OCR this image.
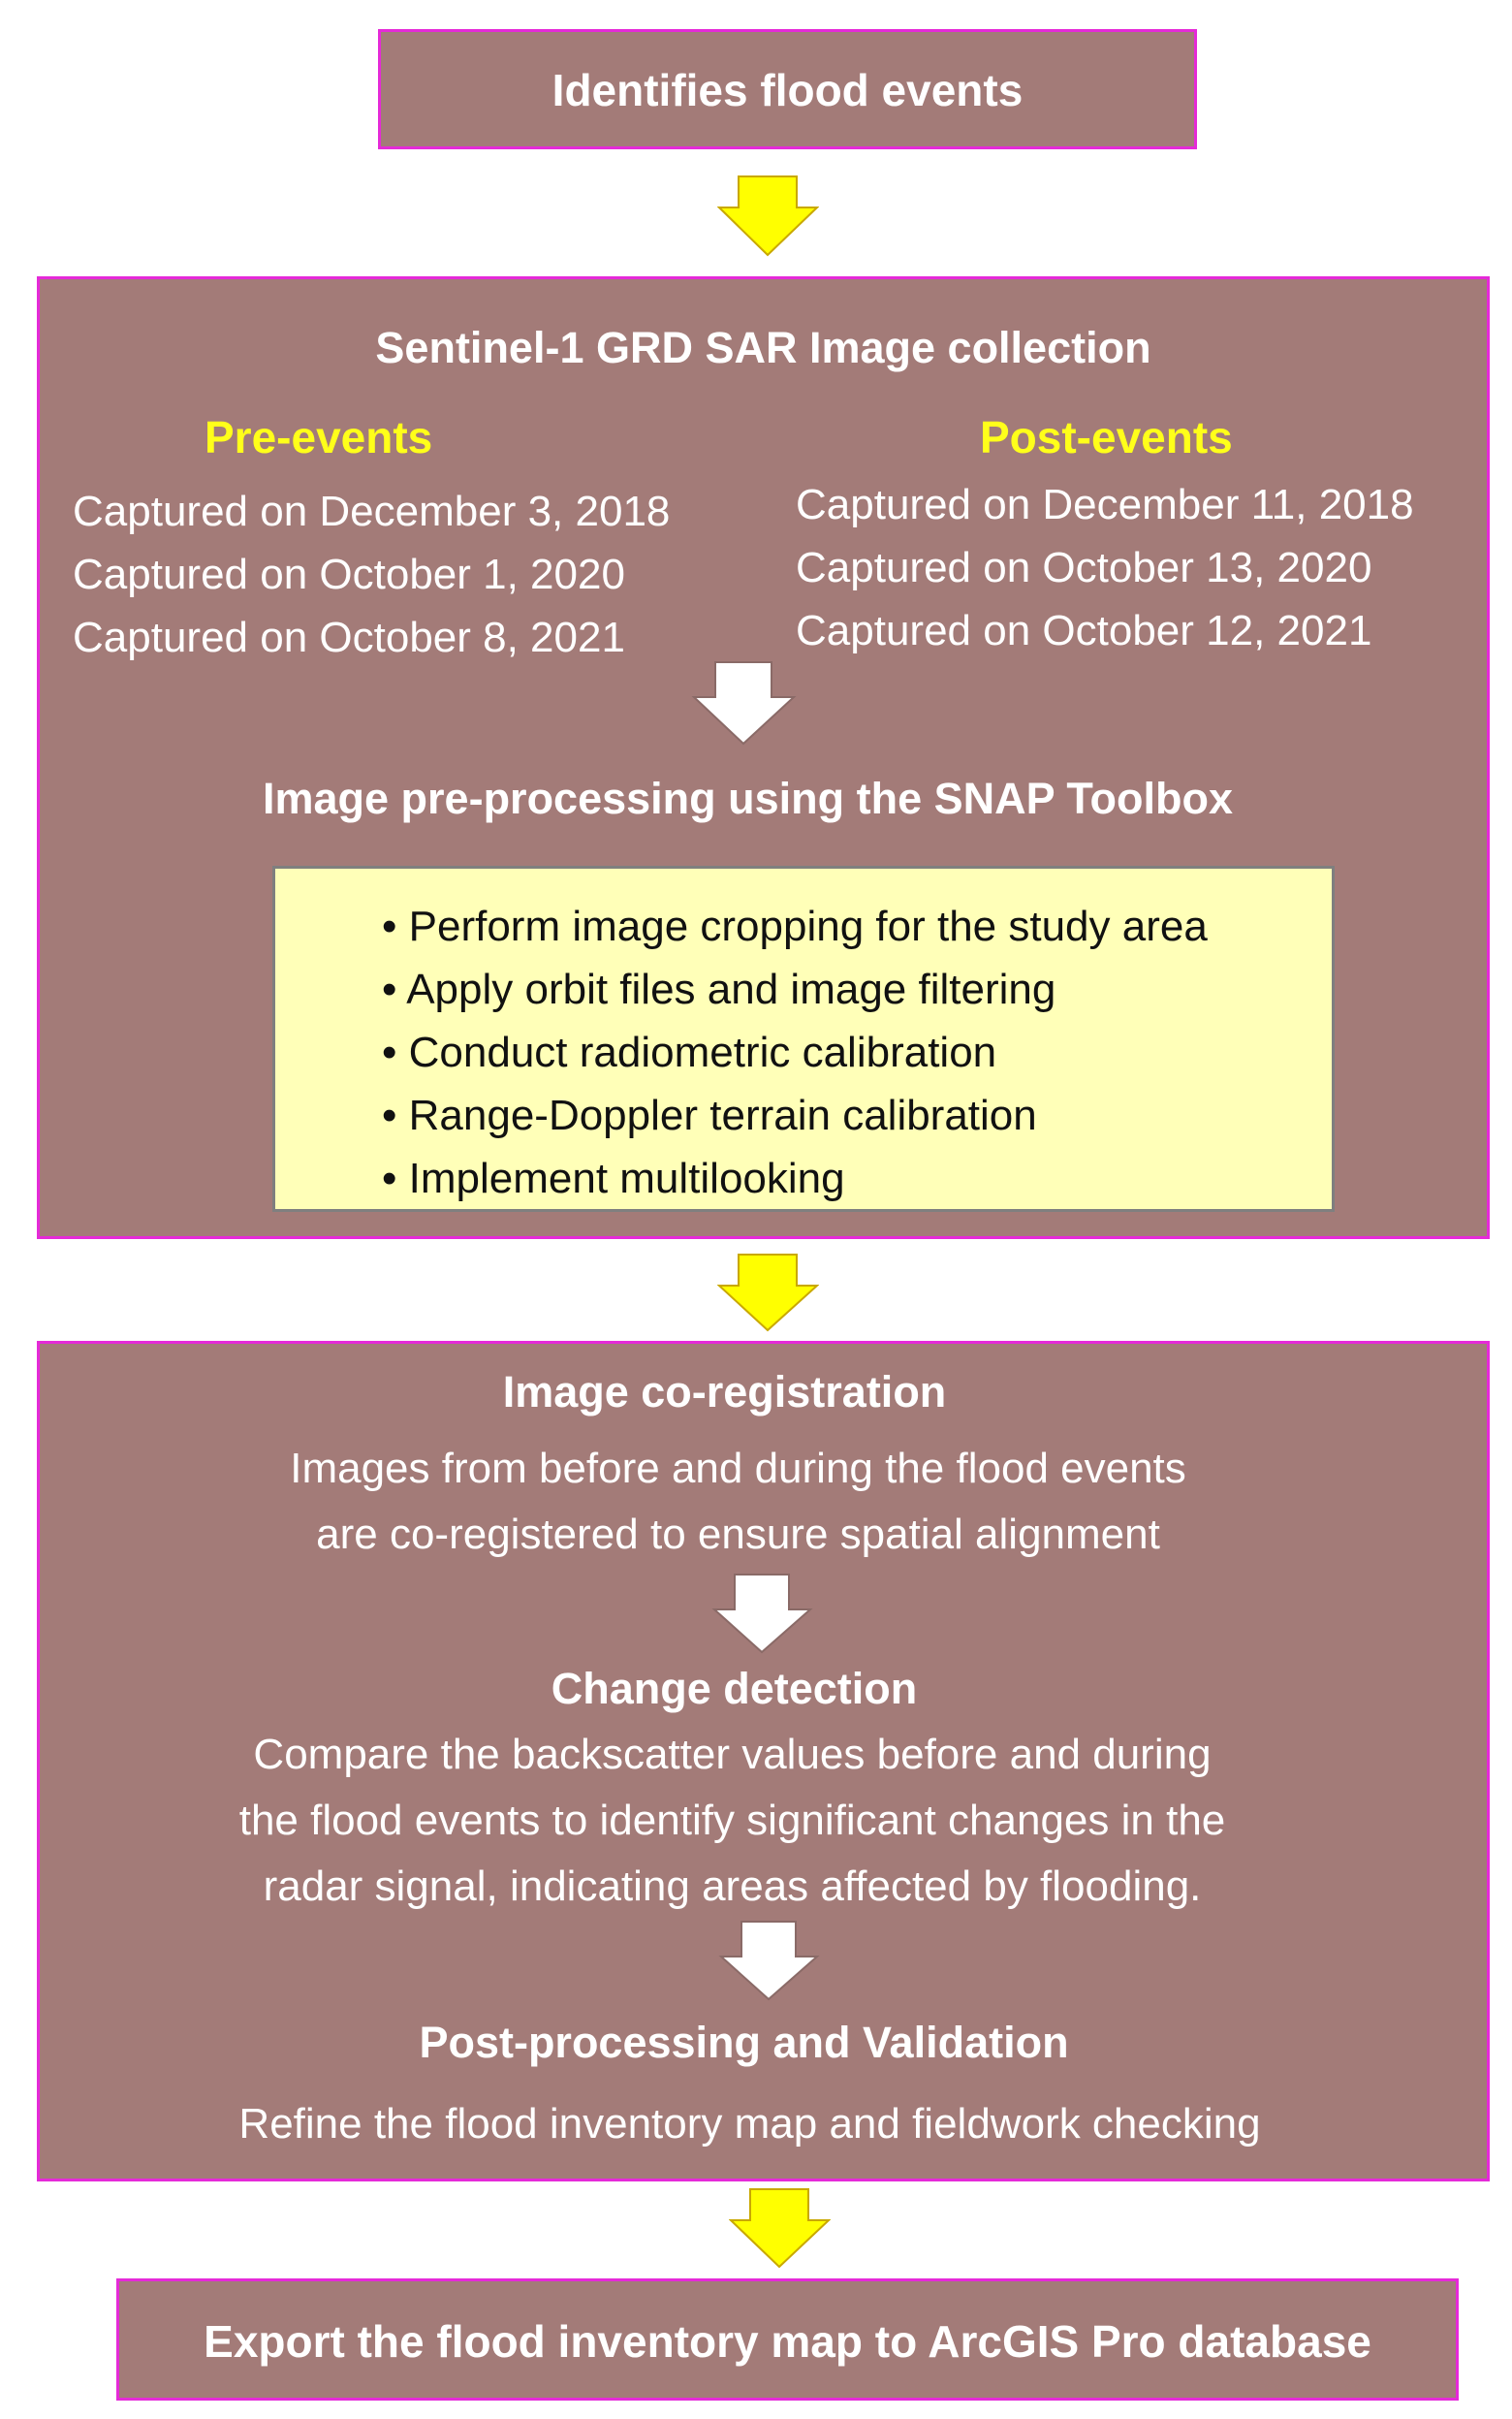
Identifies flood events
Sentinel-1 GRD SAR Image collection
Pre-events
Captured on December 3, 2018
Captured on October 1, 2020
Captured on October 8, 2021
Post-events
Captured on December 11, 2018
Captured on October 13, 2020
Captured on October 12, 2021
Image pre-processing using the SNAP Toolbox
• Perform image cropping for the study area
• Apply orbit files and image filtering
• Conduct radiometric calibration
• Range-Doppler terrain calibration
• Implement multilooking
Image co-registration
Images from before and during the flood events
are co-registered to ensure spatial alignment
Change detection
Compare the backscatter values before and during
the flood events to identify significant changes in the
radar signal, indicating areas affected by flooding.
Post-processing and Validation
Refine the flood inventory map and fieldwork checking
Export the flood inventory map to ArcGIS Pro database
